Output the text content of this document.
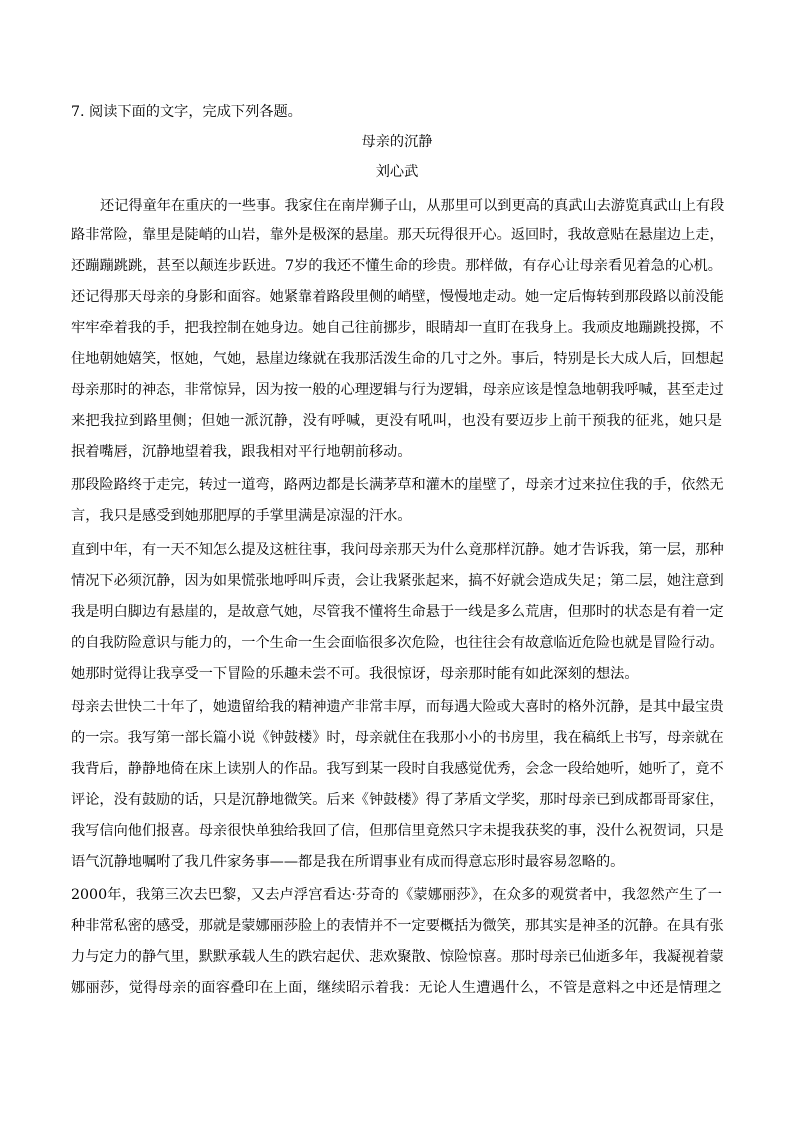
7. 阅读下面的文字，完成下列各题。
母亲的沉静
刘心武
还记得童年在重庆的一些事。我家住在南岸狮子山，从那里可以到更高的真武山去游览真武山上有段
路非常险，靠里是陡峭的山岩，靠外是极深的悬崖。那天玩得很开心。返回时，我故意贴在悬崖边上走，
还蹦蹦跳跳，甚至以颠连步跃进。7岁的我还不懂生命的珍贵。那样做，有存心让母亲看见着急的心机。
还记得那天母亲的身影和面容。她紧靠着路段里侧的峭壁，慢慢地走动。她一定后悔转到那段路以前没能
牢牢牵着我的手，把我控制在她身边。她自己往前挪步，眼睛却一直盯在我身上。我顽皮地蹦跳投掷，不
住地朝她嬉笑，怄她，气她，悬崖边缘就在我那活泼生命的几寸之外。事后，特别是长大成人后，回想起
母亲那时的神态，非常惊异，因为按一般的心理逻辑与行为逻辑，母亲应该是惶急地朝我呼喊，甚至走过
来把我拉到路里侧；但她一派沉静，没有呼喊，更没有吼叫，也没有要迈步上前干预我的征兆，她只是
抿着嘴唇，沉静地望着我，跟我相对平行地朝前移动。
那段险路终于走完，转过一道弯，路两边都是长满茅草和灌木的崖壁了，母亲才过来拉住我的手，依然无
言，我只是感受到她那肥厚的手掌里满是凉湿的汗水。
直到中年，有一天不知怎么提及这桩往事，我问母亲那天为什么竟那样沉静。她才告诉我，第一层，那种
情况下必须沉静，因为如果慌张地呼叫斥责，会让我紧张起来，搞不好就会造成失足；第二层，她注意到
我是明白脚边有悬崖的，是故意气她，尽管我不懂将生命悬于一线是多么荒唐，但那时的状态是有着一定
的自我防险意识与能力的，一个生命一生会面临很多次危险，也往往会有故意临近危险也就是冒险行动。
她那时觉得让我享受一下冒险的乐趣未尝不可。我很惊讶，母亲那时能有如此深刻的想法。
母亲去世快二十年了，她遗留给我的精神遗产非常丰厚，而每遇大险或大喜时的格外沉静，是其中最宝贵
的一宗。我写第一部长篇小说《钟鼓楼》时，母亲就住在我那小小的书房里，我在稿纸上书写，母亲就在
我背后，静静地倚在床上读别人的作品。我写到某一段时自我感觉优秀，会念一段给她听，她听了，竟不
评论，没有鼓励的话，只是沉静地微笑。后来《钟鼓楼》得了茅盾文学奖，那时母亲已到成都哥哥家住，
我写信向他们报喜。母亲很快单独给我回了信，但那信里竟然只字未提我获奖的事，没什么祝贺词，只是
语气沉静地嘱咐了我几件家务事——都是我在所谓事业有成而得意忘形时最容易忽略的。
2000年，我第三次去巴黎，又去卢浮宫看达·芬奇的《蒙娜丽莎》，在众多的观赏者中，我忽然产生了一
种非常私密的感受，那就是蒙娜丽莎脸上的表情并不一定要概括为微笑，那其实是神圣的沉静。在具有张
力与定力的静气里，默默承载人生的跌宕起伏、悲欢聚散、惊险惊喜。那时母亲已仙逝多年，我凝视着蒙
娜丽莎，觉得母亲的面容叠印在上面，继续昭示着我：无论人生遭遇什么，不管是意料之中还是情理之
